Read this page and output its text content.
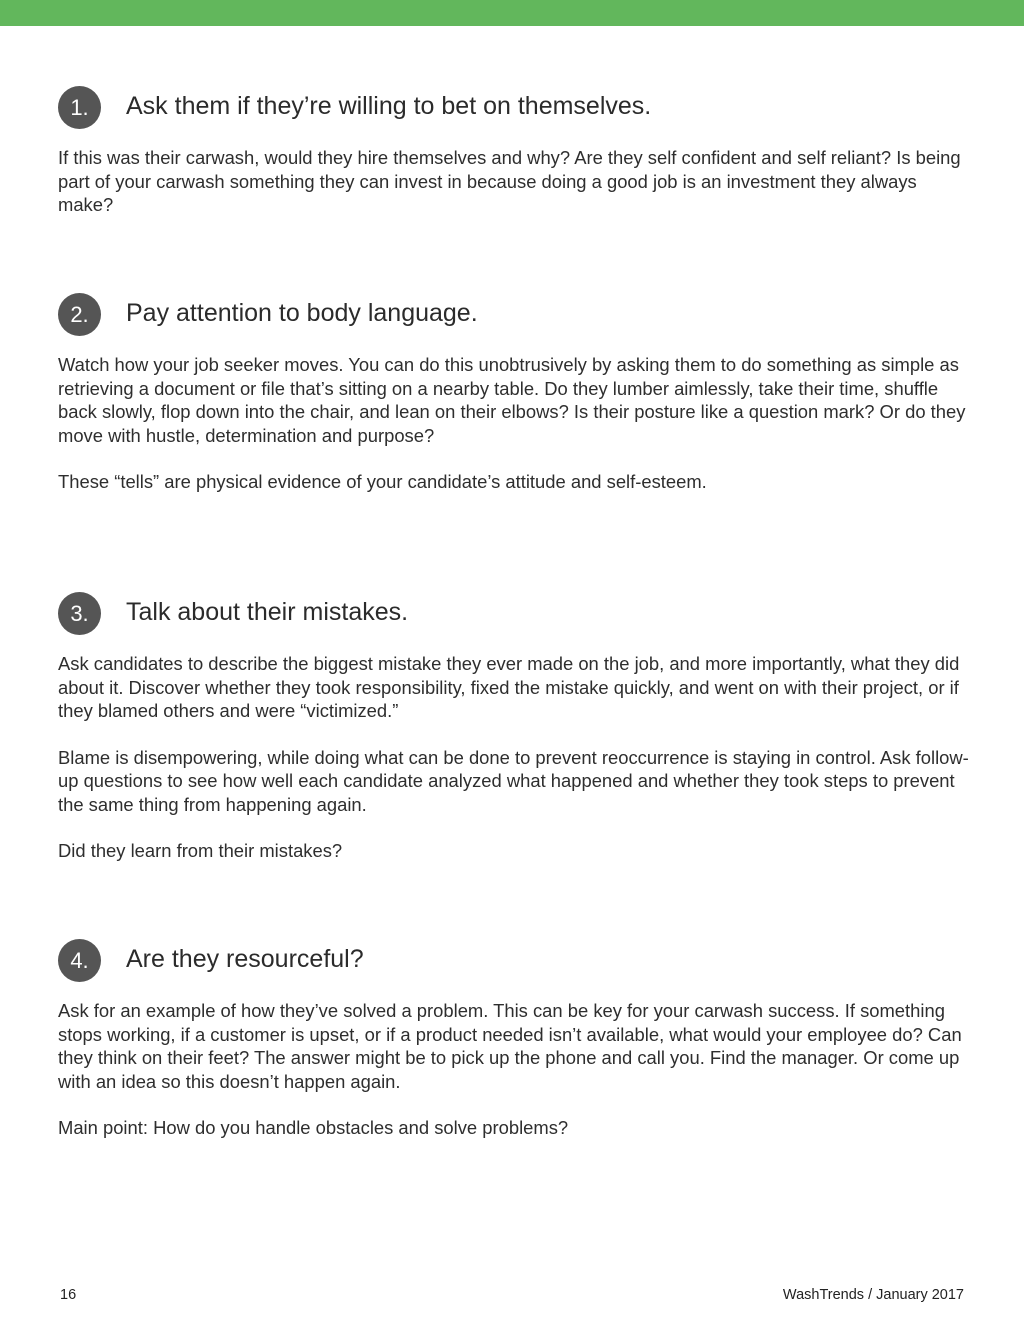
1.	Ask them if they’re willing to bet on themselves.

If this was their carwash, would they hire themselves and why? Are they self confident and self reliant? Is being part of your carwash something they can invest in because doing a good job is an investment they always make?

2.	Pay attention to body language.

Watch how your job seeker moves. You can do this unobtrusively by asking them to do something as simple as retrieving a document or file that’s sitting on a nearby table. Do they lumber aimlessly, take their time, shuffle back slowly, flop down into the chair, and lean on their elbows? Is their posture like a question mark? Or do they move with hustle, determination and purpose?

These “tells” are physical evidence of your candidate’s attitude and self-esteem.

3.	Talk about their mistakes.

Ask candidates to describe the biggest mistake they ever made on the job, and more importantly, what they did about it. Discover whether they took responsibility, fixed the mistake quickly, and went on with their project, or if they blamed others and were “victimized.”

Blame is disempowering, while doing what can be done to prevent reoccurrence is staying in control. Ask follow-up questions to see how well each candidate analyzed what happened and whether they took steps to prevent the same thing from happening again.

Did they learn from their mistakes?

4.	Are they resourceful?

Ask for an example of how they’ve solved a problem. This can be key for your carwash success. If something stops working, if a customer is upset, or if a product needed isn’t available, what would your employee do? Can they think on their feet? The answer might be to pick up the phone and call you. Find the manager. Or come up with an idea so this doesn’t happen again.

Main point: How do you handle obstacles and solve problems?

16	WashTrends / January 2017
